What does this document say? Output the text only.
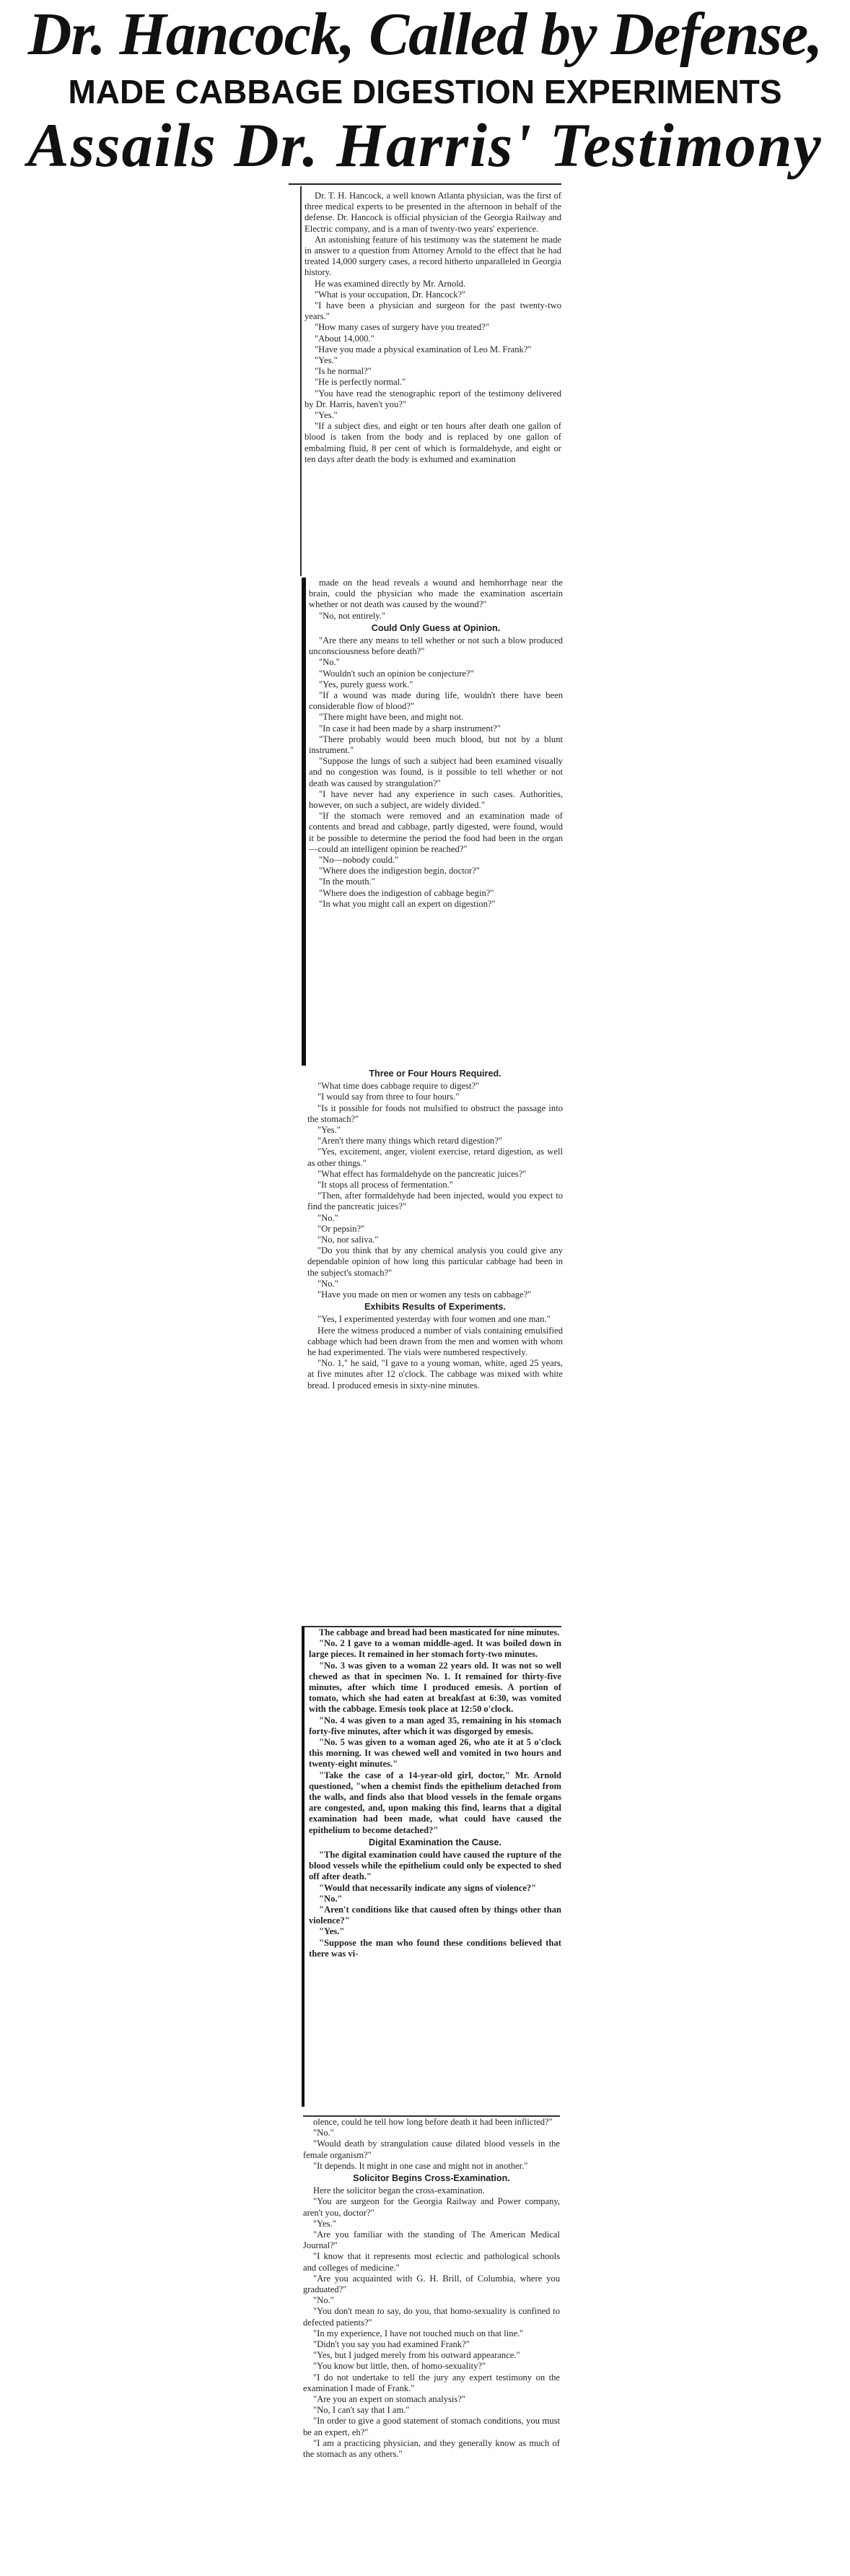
Dr. Hancock, Called by Defense,
MADE CABBAGE DIGESTION EXPERIMENTS
Assails Dr. Harris' Testimony

Dr. T. H. Hancock, a well known Atlanta physician, was the first of three medical experts to be presented in the afternoon in behalf of the defense. Dr. Hancock is official physician of the Georgia Railway and Electric company, and is a man of twenty-two years' experience.

An astonishing feature of his testimony was the statement he made in answer to a question from Attorney Arnold to the effect that he had treated 14,000 surgery cases, a record hitherto unparalleled in Georgia history.

He was examined directly by Mr. Arnold.

"What is your occupation, Dr. Hancock?"

"I have been a physician and surgeon for the past twenty-two years."

"How many cases of surgery have you treated?"

"About 14,000."

"Have you made a physical examination of Leo M. Frank?"

"Yes."

"Is he normal?"

"He is perfectly normal."

"You have read the stenographic report of the testimony delivered by Dr. Harris, haven't you?"

"Yes."

"If a subject dies, and eight or ten hours after death one gallon of blood is taken from the body and is replaced by one gallon of embalming fluid, 8 per cent of which is formaldehyde, and eight or ten days after death the body is exhumed and examination

made on the head reveals a wound and hemhorrhage near the brain, could the physician who made the examination ascertain whether or not death was caused by the wound?"

"No, not entirely."

Could Only Guess at Opinion.

"Are there any means to tell whether or not such a blow produced unconsciousness before death?"

"No."

"Wouldn't such an opinion be conjecture?"

"Yes, purely guess work."

"If a wound was made during life, wouldn't there have been considerable flow of blood?"

"There might have been, and might not.

"In case it had been made by a sharp instrument?"

"There probably would been much blood, but not by a blunt instrument."

"Suppose the lungs of such a subject had been examined visually and no congestion was found, is it possible to tell whether or not death was caused by strangulation?"

"I have never had any experience in such cases. Authorities, however, on such a subject, are widely divided."

"If the stomach were removed and an examination made of contents and bread and cabbage, partly digested, were found, would it be possible to determine the period the food had been in the organ—could an intelligent opinion be reached?"

"No—nobody could."

"Where does the indigestion begin, doctor?"

"In the mouth."

"Where does the indigestion of cabbage begin?"

"In what you might call an expert on digestion?"

Three or Four Hours Required.

"What time does cabbage require to digest?"

"I would say from three to four hours."

"Is it possible for foods not mulsified to obstruct the passage into the stomach?"

"Yes."

"Aren't there many things which retard digestion?"

"Yes, excitement, anger, violent exercise, retard digestion, as well as other things."

"What effect has formaldehyde on the pancreatic juices?"

"It stops all process of fermentation."

"Then, after formaldehyde had been injected, would you expect to find the pancreatic juices?"

"No."

"Or pepsin?"

"No, nor saliva."

"Do you think that by any chemical analysis you could give any dependable opinion of how long this particular cabbage had been in the subject's stomach?"

"No."

"Have you made on men or women any tests on cabbage?"

Exhibits Results of Experiments.

"Yes, I experimented yesterday with four women and one man."

Here the witness produced a number of vials containing emulsified cabbage which had been drawn from the men and women with whom he had experimented. The vials were numbered respectively.

"No. 1," he said, "I gave to a young woman, white, aged 25 years, at five minutes after 12 o'clock. The cabbage was mixed with white bread. I produced emesis in sixty-nine minutes.

The cabbage and bread had been masticated for nine minutes.

"No. 2 I gave to a woman middle-aged. It was boiled down in large pieces. It remained in her stomach forty-two minutes.

"No. 3 was given to a woman 22 years old. It was not so well chewed as that in specimen No. 1. It remained for thirty-five minutes, after which time I produced emesis. A portion of tomato, which she had eaten at breakfast at 6:30, was vomited with the cabbage. Emesis took place at 12:50 o'clock.

"No. 4 was given to a man aged 35, remaining in his stomach forty-five minutes, after which it was disgorged by emesis.

"No. 5 was given to a woman aged 26, who ate it at 5 o'clock this morning. It was chewed well and vomited in two hours and twenty-eight minutes."

"Take the case of a 14-year-old girl, doctor," Mr. Arnold questioned, "when a chemist finds the epithelium detached from the walls, and finds also that blood vessels in the female organs are congested, and, upon making this find, learns that a digital examination had been made, what could have caused the epithelium to become detached?"

Digital Examination the Cause.

"The digital examination could have caused the rupture of the blood vessels while the epithelium could only be expected to shed off after death."

"Would that necessarily indicate any signs of violence?"

"No."

"Aren't conditions like that caused often by things other than violence?"

"Yes."

"Suppose the man who found these conditions believed that there was vi-

olence, could he tell how long before death it had been inflicted?"

"No."

"Would death by strangulation cause dilated blood vessels in the female organism?"

"It depends. It might in one case and might not in another."

Solicitor Begins Cross-Examination.

Here the solicitor began the cross-examination.

"You are surgeon for the Georgia Railway and Power company, aren't you, doctor?"

"Yes."

"Are you familiar with the standing of The American Medical Journal?"

"I know that it represents most eclectic and pathological schools and colleges of medicine."

"Are you acquainted with G. H. Brill, of Columbia, where you graduated?"

"No."

"You don't mean to say, do you, that homo-sexuality is confined to defected patients?"

"In my experience, I have not touched much on that line."

"Didn't you say you had examined Frank?"

"Yes, but I judged merely from his outward appearance."

"You know but little, then, of homo-sexuality?"

"I do not undertake to tell the jury any expert testimony on the examination I made of Frank."

"Are you an expert on stomach analysis?"

"No, I can't say that I am."

"In order to give a good statement of stomach conditions, you must be an expert, eh?"

"I am a practicing physician, and they generally know as much of the stomach as any others."
